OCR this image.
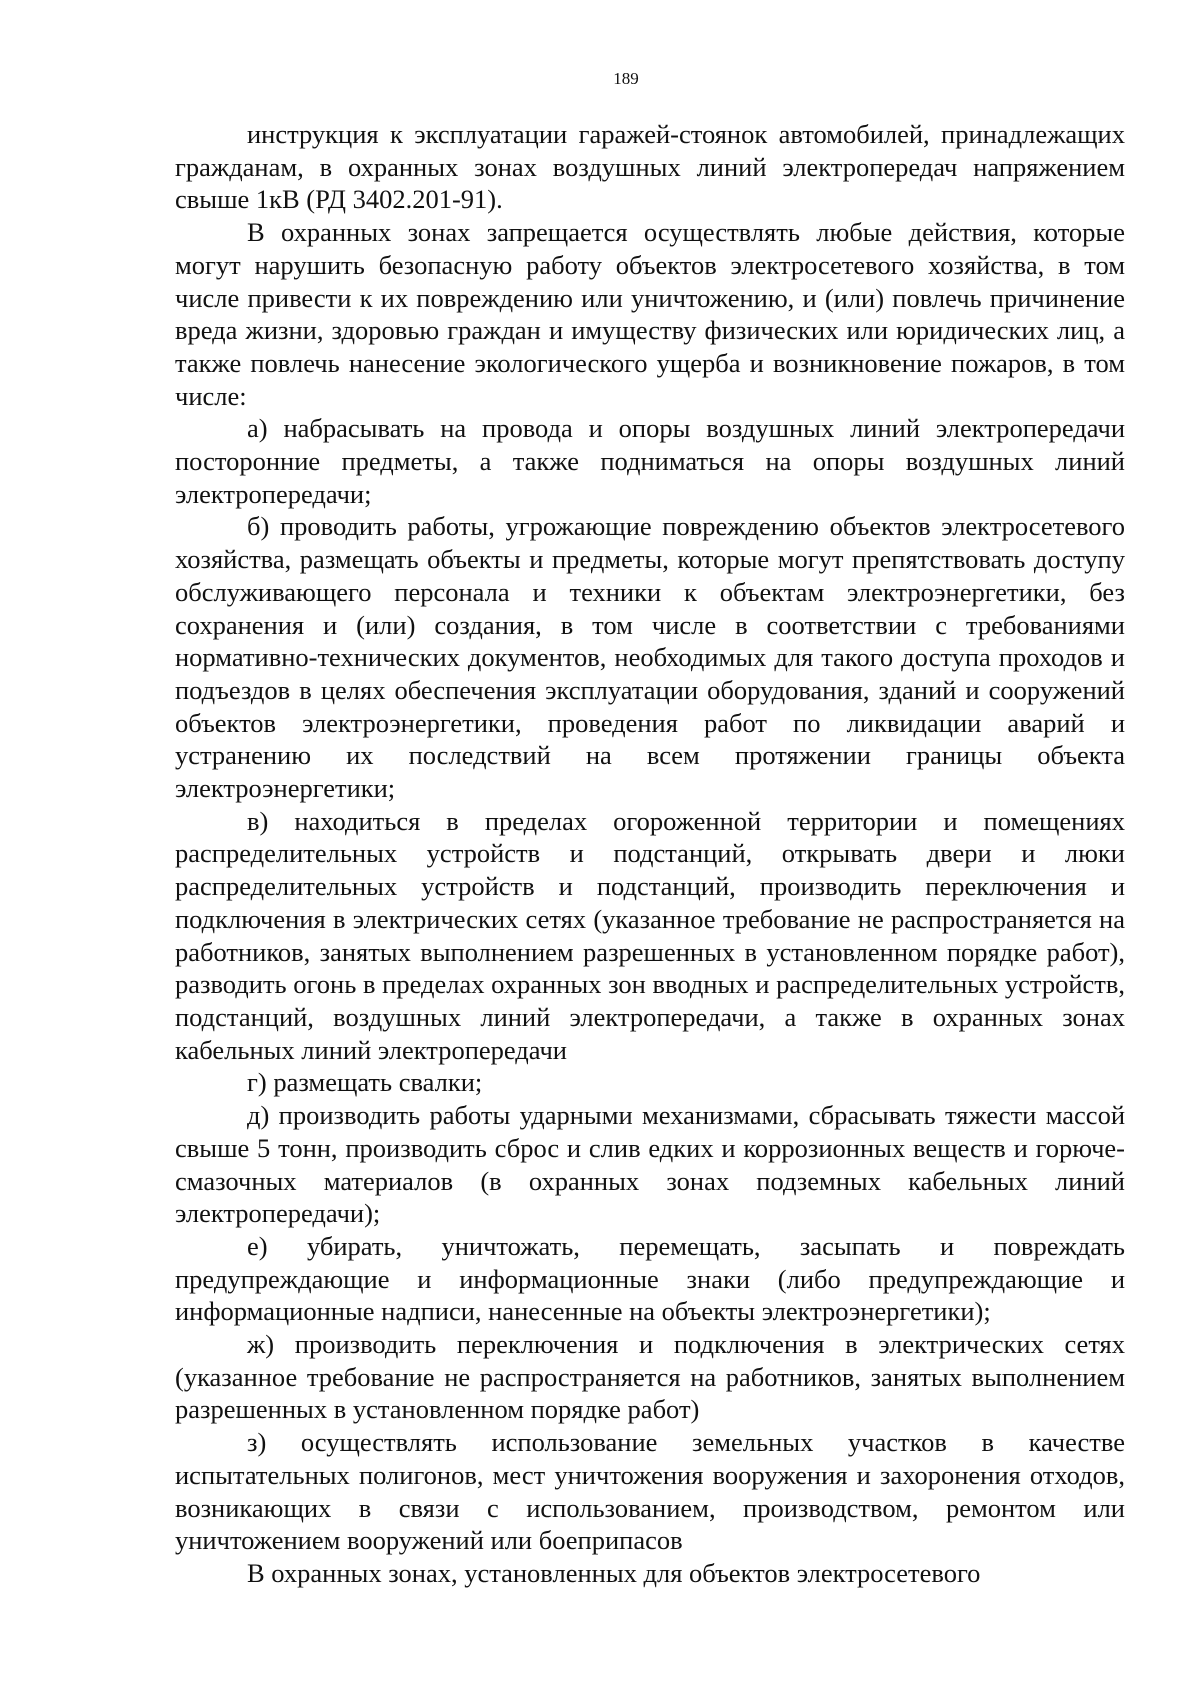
189

инструкция к эксплуатации гаражей-стоянок автомобилей, принадлежащих гражданам, в охранных зонах воздушных линий электропередач напряжением свыше 1кВ (РД 3402.201-91).

В охранных зонах запрещается осуществлять любые действия, которые могут нарушить безопасную работу объектов электросетевого хозяйства, в том числе привести к их повреждению или уничтожению, и (или) повлечь причинение вреда жизни, здоровью граждан и имуществу физических или юридических лиц, а также повлечь нанесение экологического ущерба и возникновение пожаров, в том числе:

а) набрасывать на провода и опоры воздушных линий электропередачи посторонние предметы, а также подниматься на опоры воздушных линий электропередачи;

б) проводить работы, угрожающие повреждению объектов электросетевого хозяйства, размещать объекты и предметы, которые могут препятствовать доступу обслуживающего персонала и техники к объектам электроэнергетики, без сохранения и (или) создания, в том числе в соответствии с требованиями нормативно-технических документов, необходимых для такого доступа проходов и подъездов в целях обеспечения эксплуатации оборудования, зданий и сооружений объектов электроэнергетики, проведения работ по ликвидации аварий и устранению их последствий на всем протяжении границы объекта электроэнергетики;

в) находиться в пределах огороженной территории и помещениях распределительных устройств и подстанций, открывать двери и люки распределительных устройств и подстанций, производить переключения и подключения в электрических сетях (указанное требование не распространяется на работников, занятых выполнением разрешенных в установленном порядке работ), разводить огонь в пределах охранных зон вводных и распределительных устройств, подстанций, воздушных линий электропередачи, а также в охранных зонах кабельных линий электропередачи

г) размещать свалки;

д) производить работы ударными механизмами, сбрасывать тяжести массой свыше 5 тонн, производить сброс и слив едких и коррозионных веществ и горюче-смазочных материалов (в охранных зонах подземных кабельных линий электропередачи);

е) убирать, уничтожать, перемещать, засыпать и повреждать предупреждающие и информационные знаки (либо предупреждающие и информационные надписи, нанесенные на объекты электроэнергетики);

ж) производить переключения и подключения в электрических сетях (указанное требование не распространяется на работников, занятых выполнением разрешенных в установленном порядке работ)

з) осуществлять использование земельных участков в качестве испытательных полигонов, мест уничтожения вооружения и захоронения отходов, возникающих в связи с использованием, производством, ремонтом или уничтожением вооружений или боеприпасов

В охранных зонах, установленных для объектов электросетевого
